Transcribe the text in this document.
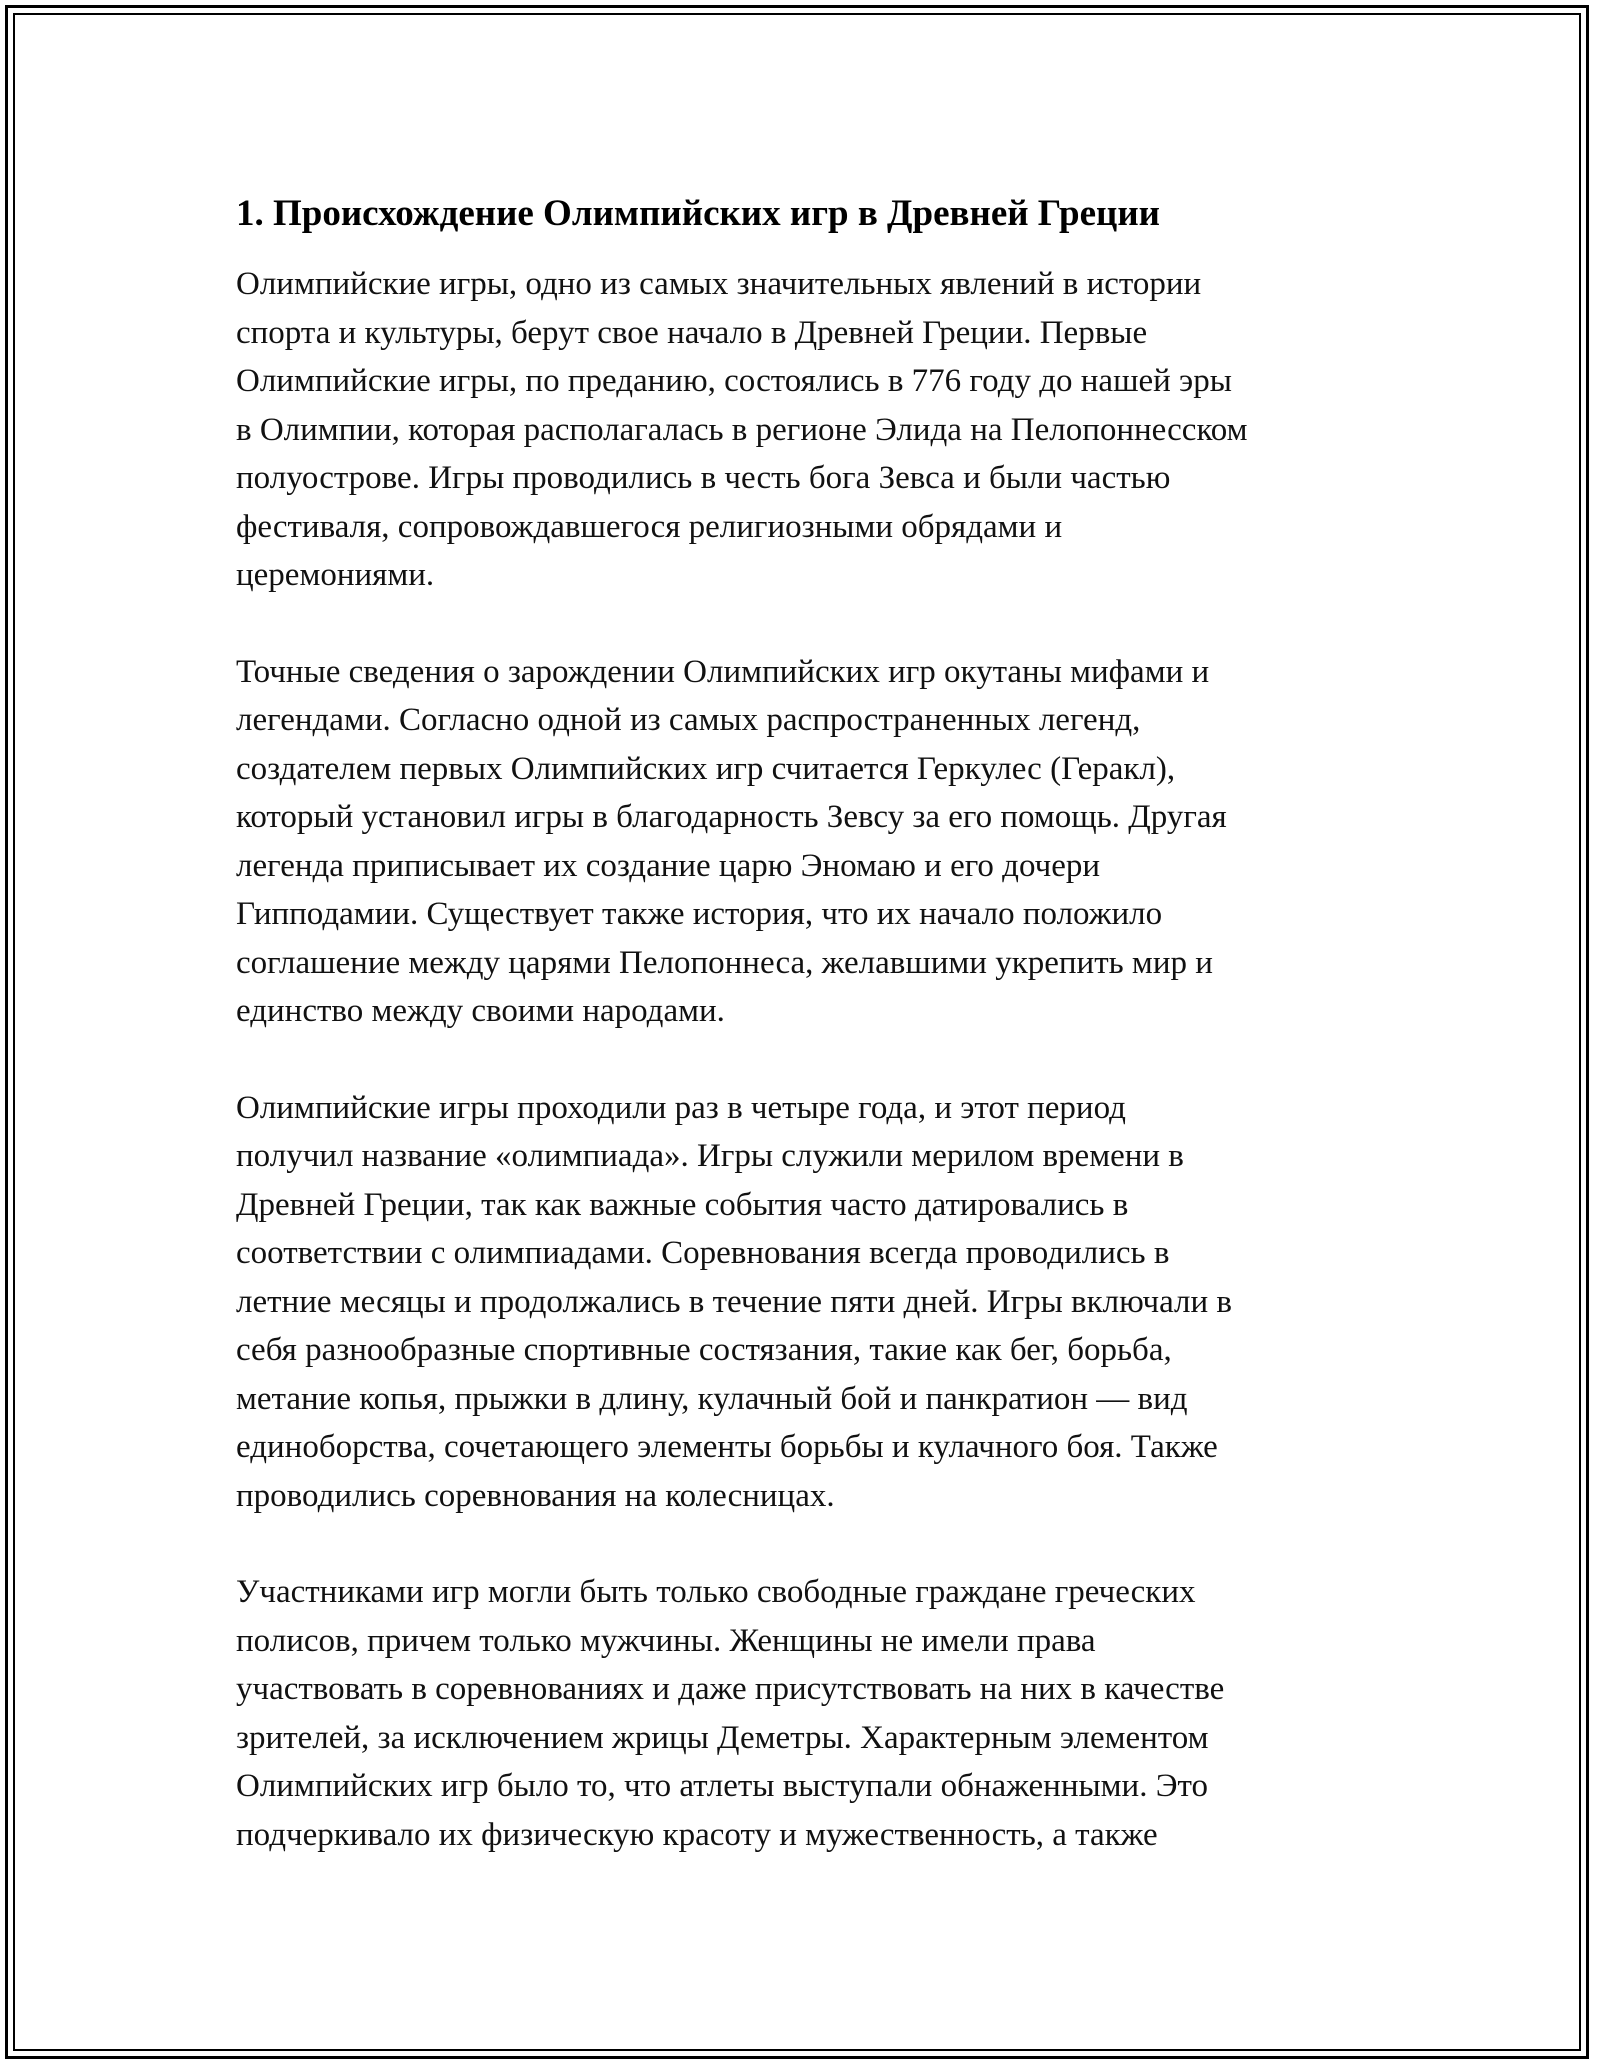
1. Происхождение Олимпийских игр в Древней Греции

Олимпийские игры, одно из самых значительных явлений в истории
спорта и культуры, берут свое начало в Древней Греции. Первые
Олимпийские игры, по преданию, состоялись в 776 году до нашей эры
в Олимпии, которая располагалась в регионе Элида на Пелопоннесском
полуострове. Игры проводились в честь бога Зевса и были частью
фестиваля, сопровождавшегося религиозными обрядами и
церемониями.

Точные сведения о зарождении Олимпийских игр окутаны мифами и
легендами. Согласно одной из самых распространенных легенд,
создателем первых Олимпийских игр считается Геркулес (Геракл),
который установил игры в благодарность Зевсу за его помощь. Другая
легенда приписывает их создание царю Эномаю и его дочери
Гипподамии. Существует также история, что их начало положило
соглашение между царями Пелопоннеса, желавшими укрепить мир и
единство между своими народами.

Олимпийские игры проходили раз в четыре года, и этот период
получил название «олимпиада». Игры служили мерилом времени в
Древней Греции, так как важные события часто датировались в
соответствии с олимпиадами. Соревнования всегда проводились в
летние месяцы и продолжались в течение пяти дней. Игры включали в
себя разнообразные спортивные состязания, такие как бег, борьба,
метание копья, прыжки в длину, кулачный бой и панкратион — вид
единоборства, сочетающего элементы борьбы и кулачного боя. Также
проводились соревнования на колесницах.

Участниками игр могли быть только свободные граждане греческих
полисов, причем только мужчины. Женщины не имели права
участвовать в соревнованиях и даже присутствовать на них в качестве
зрителей, за исключением жрицы Деметры. Характерным элементом
Олимпийских игр было то, что атлеты выступали обнаженными. Это
подчеркивало их физическую красоту и мужественность, а также
